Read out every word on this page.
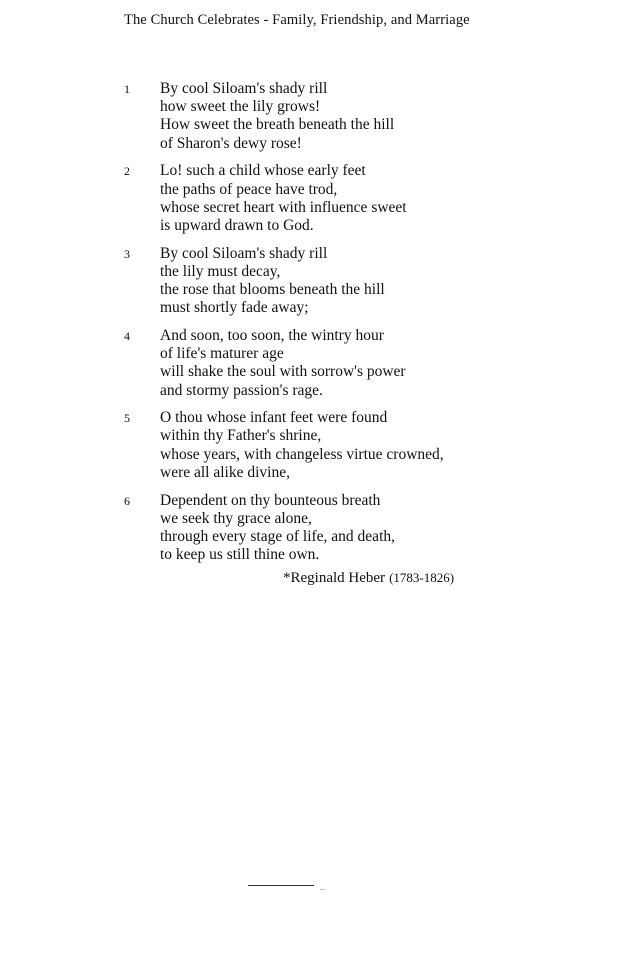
The Church Celebrates - Family, Friendship, and Marriage
1	By cool Siloam's shady rill
how sweet the lily grows!
How sweet the breath beneath the hill
of Sharon's dewy rose!
2	Lo! such a child whose early feet
the paths of peace have trod,
whose secret heart with influence sweet
is upward drawn to God.
3	By cool Siloam's shady rill
the lily must decay,
the rose that blooms beneath the hill
must shortly fade away;
4	And soon, too soon, the wintry hour
of life's maturer age
will shake the soul with sorrow's power
and stormy passion's rage.
5	O thou whose infant feet were found
within thy Father's shrine,
whose years, with changeless virtue crowned,
were all alike divine,
6	Dependent on thy bounteous breath
we seek thy grace alone,
through every stage of life, and death,
to keep us still thine own.
*Reginald Heber (1783-1826)
..
